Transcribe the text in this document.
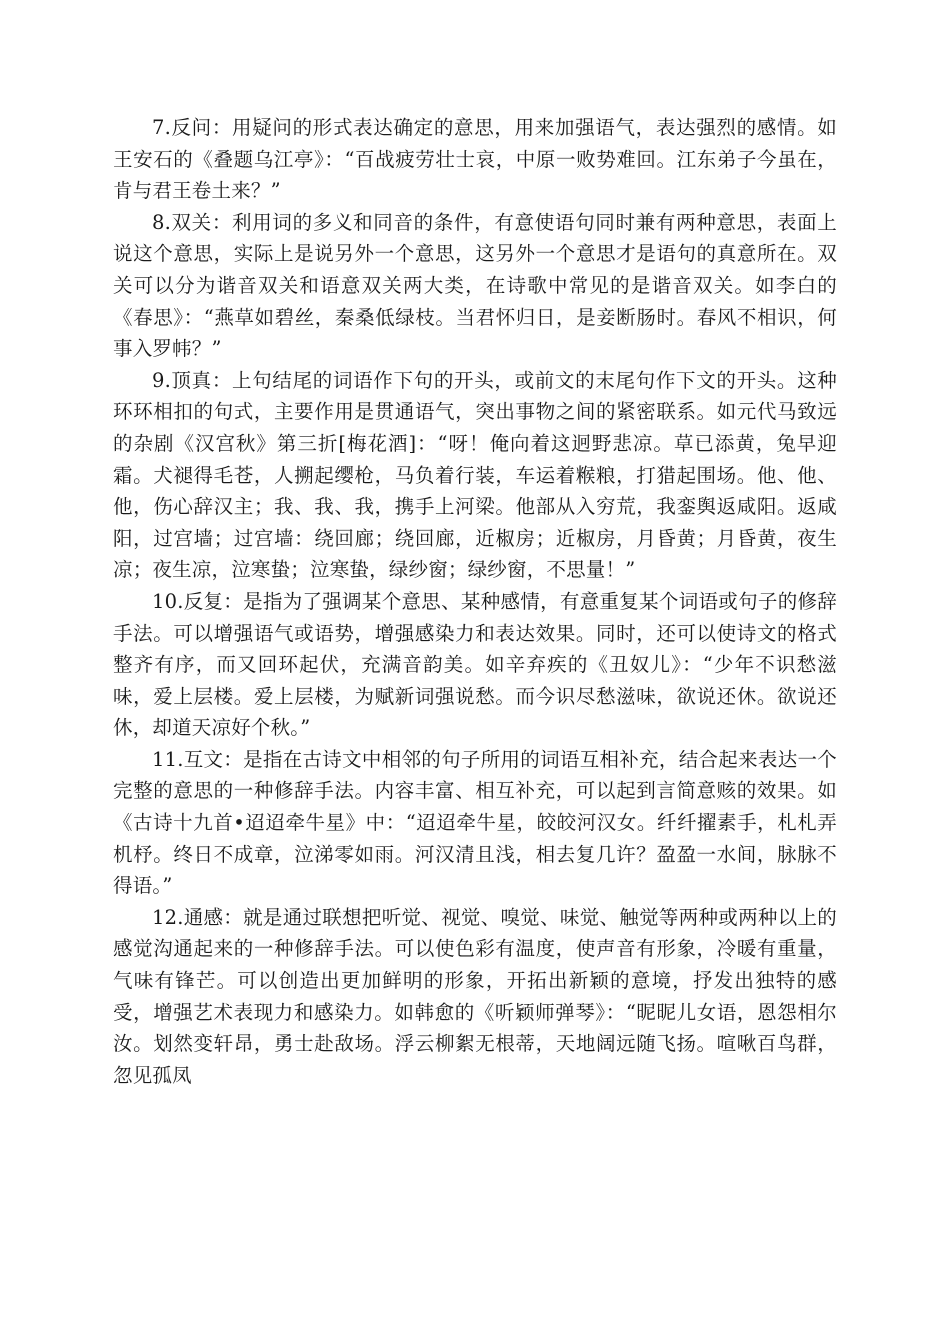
7.反问：用疑问的形式表达确定的意思，用来加强语气，表达强烈的感情。如王安石的《叠题乌江亭》：“百战疲劳壮士哀，中原一败势难回。江东弟子今虽在，肯与君王卷土来？”

8.双关：利用词的多义和同音的条件，有意使语句同时兼有两种意思，表面上说这个意思，实际上是说另外一个意思，这另外一个意思才是语句的真意所在。双关可以分为谐音双关和语意双关两大类，在诗歌中常见的是谐音双关。如李白的《春思》：“燕草如碧丝，秦桑低绿枝。当君怀归日，是妾断肠时。春风不相识，何事入罗帏？”

9.顶真：上句结尾的词语作下句的开头，或前文的末尾句作下文的开头。这种环环相扣的句式，主要作用是贯通语气，突出事物之间的紧密联系。如元代马致远的杂剧《汉宫秋》第三折[梅花酒]：“呀！俺向着这迥野悲凉。草已添黄，兔早迎霜。犬褪得毛苍，人搠起缨枪，马负着行装，车运着糇粮，打猎起围场。他、他、他，伤心辞汉主；我、我、我，携手上河梁。他部从入穷荒，我銮舆返咸阳。返咸阳，过宫墙；过宫墙：绕回廊；绕回廊，近椒房；近椒房，月昏黄；月昏黄，夜生凉；夜生凉，泣寒蛰；泣寒蛰，绿纱窗；绿纱窗，不思量！”

10.反复：是指为了强调某个意思、某种感情，有意重复某个词语或句子的修辞手法。可以增强语气或语势，增强感染力和表达效果。同时，还可以使诗文的格式整齐有序，而又回环起伏，充满音韵美。如辛弃疾的《丑奴儿》：“少年不识愁滋味，爱上层楼。爱上层楼，为赋新词强说愁。而今识尽愁滋味，欲说还休。欲说还休，却道天凉好个秋。”

11.互文：是指在古诗文中相邻的句子所用的词语互相补充，结合起来表达一个完整的意思的一种修辞手法。内容丰富、相互补充，可以起到言简意赅的效果。如《古诗十九首•迢迢牵牛星》中：“迢迢牵牛星，皎皎河汉女。纤纤擢素手，札札弄机杼。终日不成章，泣涕零如雨。河汉清且浅，相去复几许？盈盈一水间，脉脉不得语。”

12.通感：就是通过联想把听觉、视觉、嗅觉、味觉、触觉等两种或两种以上的感觉沟通起来的一种修辞手法。可以使色彩有温度，使声音有形象，冷暖有重量，气味有锋芒。可以创造出更加鲜明的形象，开拓出新颖的意境，抒发出独特的感受，增强艺术表现力和感染力。如韩愈的《听颖师弹琴》：“昵昵儿女语，恩怨相尔汝。划然变轩昂，勇士赴敌场。浮云柳絮无根蒂，天地阔远随飞扬。喧啾百鸟群，忽见孤凤
